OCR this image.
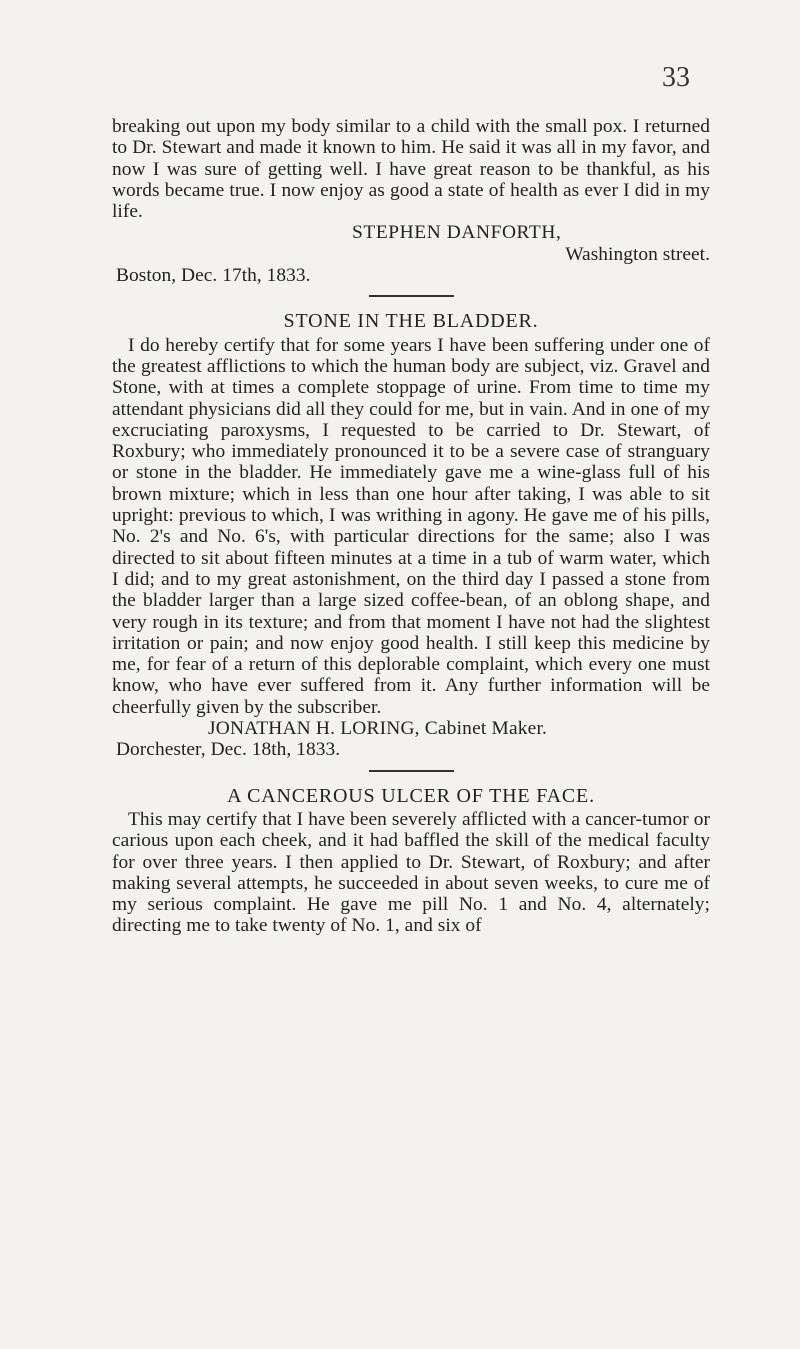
33

breaking out upon my body similar to a child with the small pox. I returned to Dr. Stewart and made it known to him. He said it was all in my favor, and now I was sure of getting well. I have great reason to be thankful, as his words became true. I now enjoy as good a state of health as ever I did in my life.

STEPHEN DANFORTH,

Washington street.

Boston, Dec. 17th, 1833.

STONE IN THE BLADDER.

I do hereby certify that for some years I have been suffering under one of the greatest afflictions to which the human body are subject, viz. Gravel and Stone, with at times a complete stoppage of urine. From time to time my attendant physicians did all they could for me, but in vain. And in one of my excruciating paroxysms, I requested to be carried to Dr. Stewart, of Roxbury; who immediately pronounced it to be a severe case of stranguary or stone in the bladder. He immediately gave me a wine-glass full of his brown mixture; which in less than one hour after taking, I was able to sit upright: previous to which, I was writhing in agony. He gave me of his pills, No. 2's and No. 6's, with particular directions for the same; also I was directed to sit about fifteen minutes at a time in a tub of warm water, which I did; and to my great astonishment, on the third day I passed a stone from the bladder larger than a large sized coffee-bean, of an oblong shape, and very rough in its texture; and from that moment I have not had the slightest irritation or pain; and now enjoy good health. I still keep this medicine by me, for fear of a return of this deplorable complaint, which every one must know, who have ever suffered from it. Any further information will be cheerfully given by the subscriber.

JONATHAN H. LORING, Cabinet Maker.

Dorchester, Dec. 18th, 1833.

A CANCEROUS ULCER OF THE FACE.

This may certify that I have been severely afflicted with a cancer-tumor or carious upon each cheek, and it had baffled the skill of the medical faculty for over three years. I then applied to Dr. Stewart, of Roxbury; and after making several attempts, he succeeded in about seven weeks, to cure me of my serious complaint. He gave me pill No. 1 and No. 4, alternately; directing me to take twenty of No. 1, and six of
